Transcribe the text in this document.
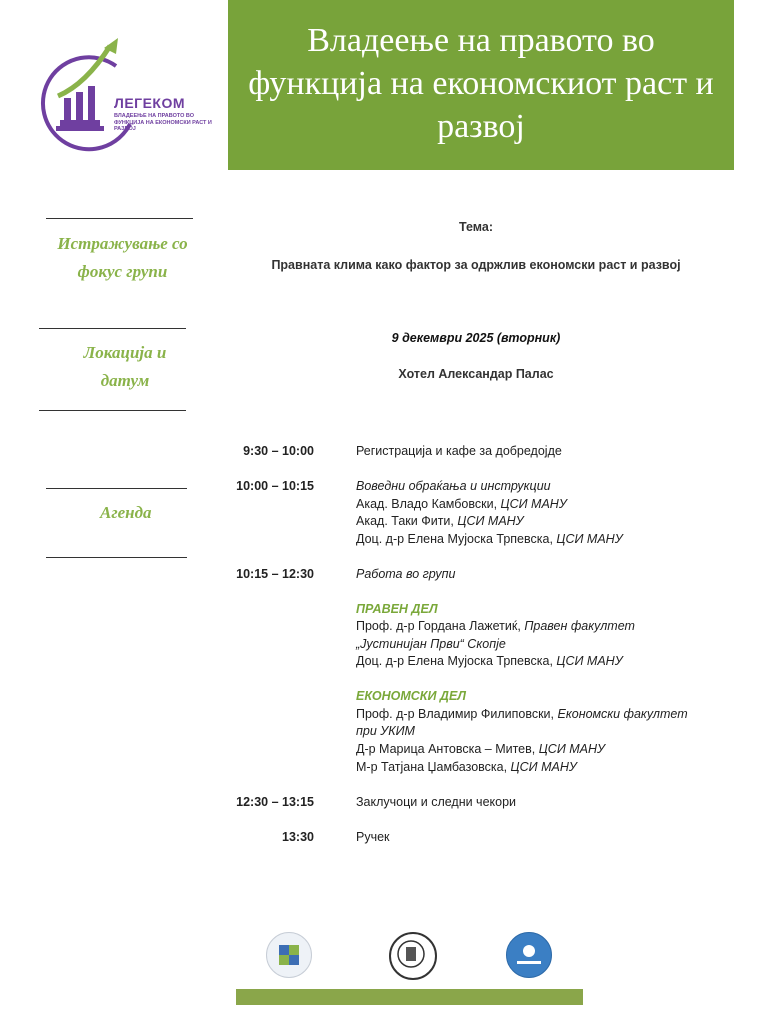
ЛЕГЕКОМ
ВЛАДЕЕЊЕ НА ПРАВОТО ВО ФУНКЦИЈА НА ЕКОНОМСКИ РАСТ И РАЗВОЈ
Владеење на правото во функција на економскиот раст и развој
Истражување со фокус групи
Локација и датум
Агенда
Тема:
Правната клима како фактор за одржлив економски раст и развој
9 декември 2025 (вторник)
Хотел Александар Палас
9:30 – 10:00
10:00 – 10:15
10:15 – 12:30
12:30 – 13:15
13:30
Регистрација и кафе за добредојде
Воведни обраќања и инструкции
Акад. Владо Камбовски, ЦСИ МАНУ
Акад. Таки Фити, ЦСИ МАНУ
Доц. д-р Елена Мујоска Трпевска, ЦСИ МАНУ
Работа во групи
ПРАВЕН ДЕЛ
Проф. д-р Гордана Лажетиќ, Правен факултет
„Јустинијан Први“ Скопје
Доц. д-р Елена Мујоска Трпевска, ЦСИ МАНУ
ЕКОНОМСКИ ДЕЛ
Проф. д-р Владимир Филиповски, Економски факултет
при УКИМ
Д-р Марица Антовска – Митев, ЦСИ МАНУ
М-р Татјана Џамбазовска, ЦСИ МАНУ
Заклучоци и следни чекори
Ручек
